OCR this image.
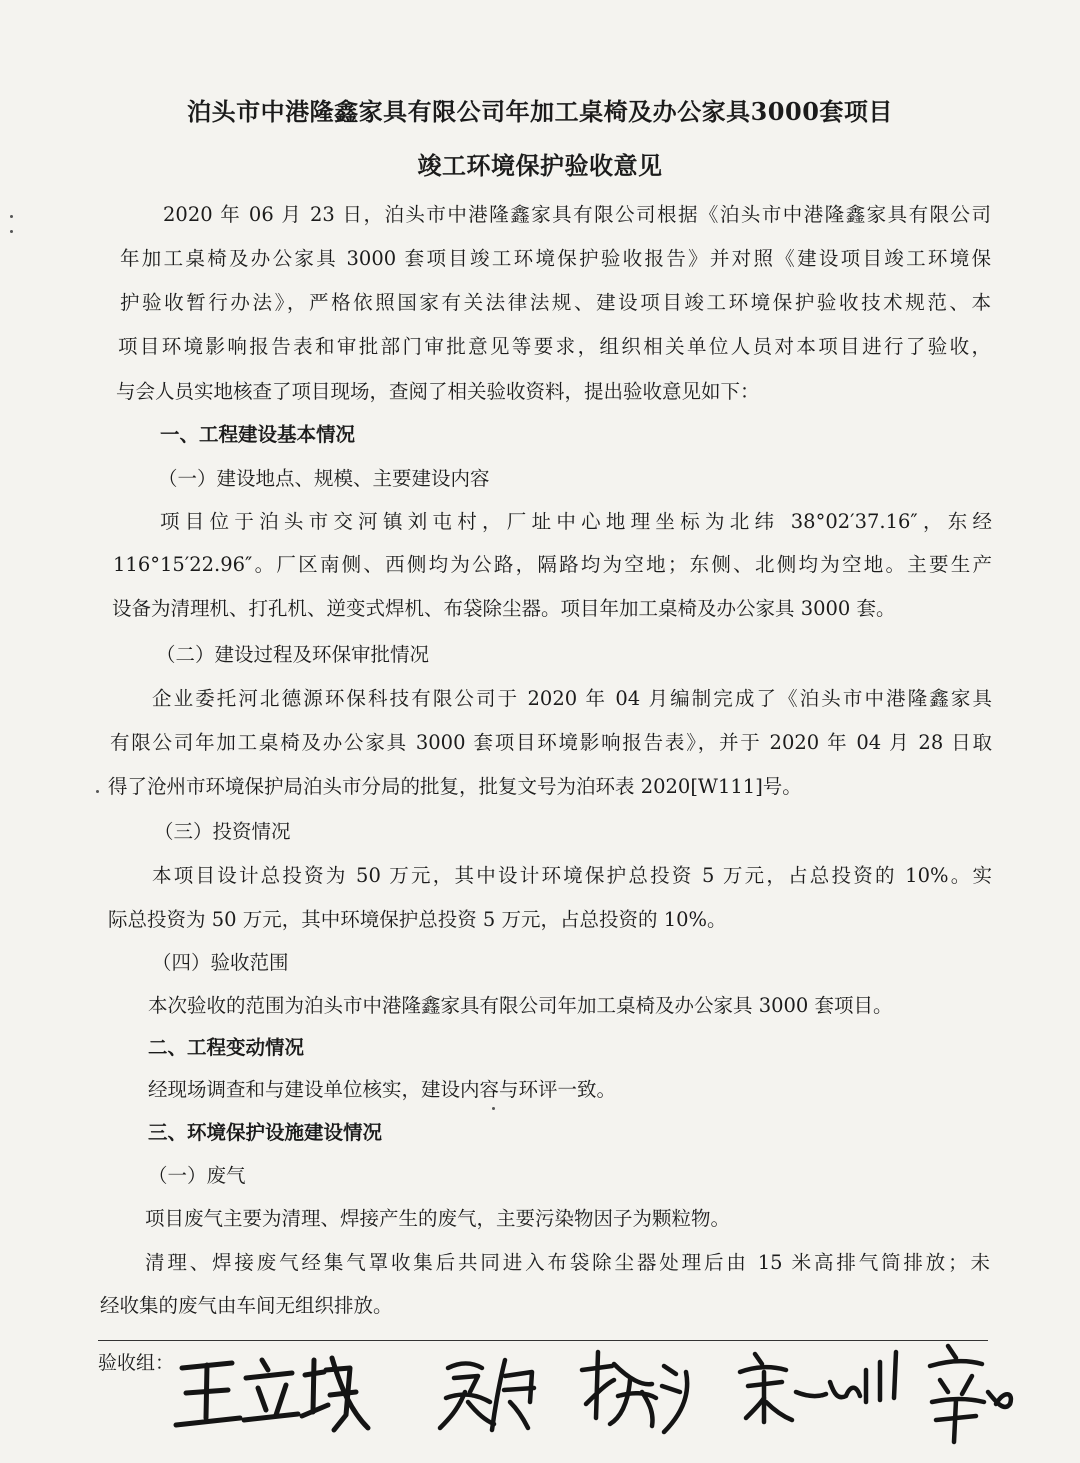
泊头市中港隆鑫家具有限公司年加工桌椅及办公家具3000套项目
竣工环境保护验收意见
2020 年 06 月 23 日，泊头市中港隆鑫家具有限公司根据《泊头市中港隆鑫家具有限公司
年加工桌椅及办公家具 3000 套项目竣工环境保护验收报告》并对照《建设项目竣工环境保
护验收暂行办法》，严格依照国家有关法律法规、建设项目竣工环境保护验收技术规范、本
项目环境影响报告表和审批部门审批意见等要求，组织相关单位人员对本项目进行了验收，
与会人员实地核查了项目现场，查阅了相关验收资料，提出验收意见如下：
一、工程建设基本情况
（一）建设地点、规模、主要建设内容
项目位于泊头市交河镇刘屯村，厂址中心地理坐标为北纬 38°02′37.16″，东经
116°15′22.96″。厂区南侧、西侧均为公路，隔路均为空地；东侧、北侧均为空地。主要生产
设备为清理机、打孔机、逆变式焊机、布袋除尘器。项目年加工桌椅及办公家具 3000 套。
（二）建设过程及环保审批情况
企业委托河北德源环保科技有限公司于 2020 年 04 月编制完成了《泊头市中港隆鑫家具
有限公司年加工桌椅及办公家具 3000 套项目环境影响报告表》，并于 2020 年 04 月 28 日取
得了沧州市环境保护局泊头市分局的批复，批复文号为泊环表 2020[W111]号。
（三）投资情况
本项目设计总投资为 50 万元，其中设计环境保护总投资 5 万元，占总投资的 10%。实
际总投资为 50 万元，其中环境保护总投资 5 万元，占总投资的 10%。
（四）验收范围
本次验收的范围为泊头市中港隆鑫家具有限公司年加工桌椅及办公家具 3000 套项目。
二、工程变动情况
经现场调查和与建设单位核实，建设内容与环评一致。
三、环境保护设施建设情况
（一）废气
项目废气主要为清理、焊接产生的废气，主要污染物因子为颗粒物。
清理、焊接废气经集气罩收集后共同进入布袋除尘器处理后由 15 米高排气筒排放；未
经收集的废气由车间无组织排放。
验收组：
